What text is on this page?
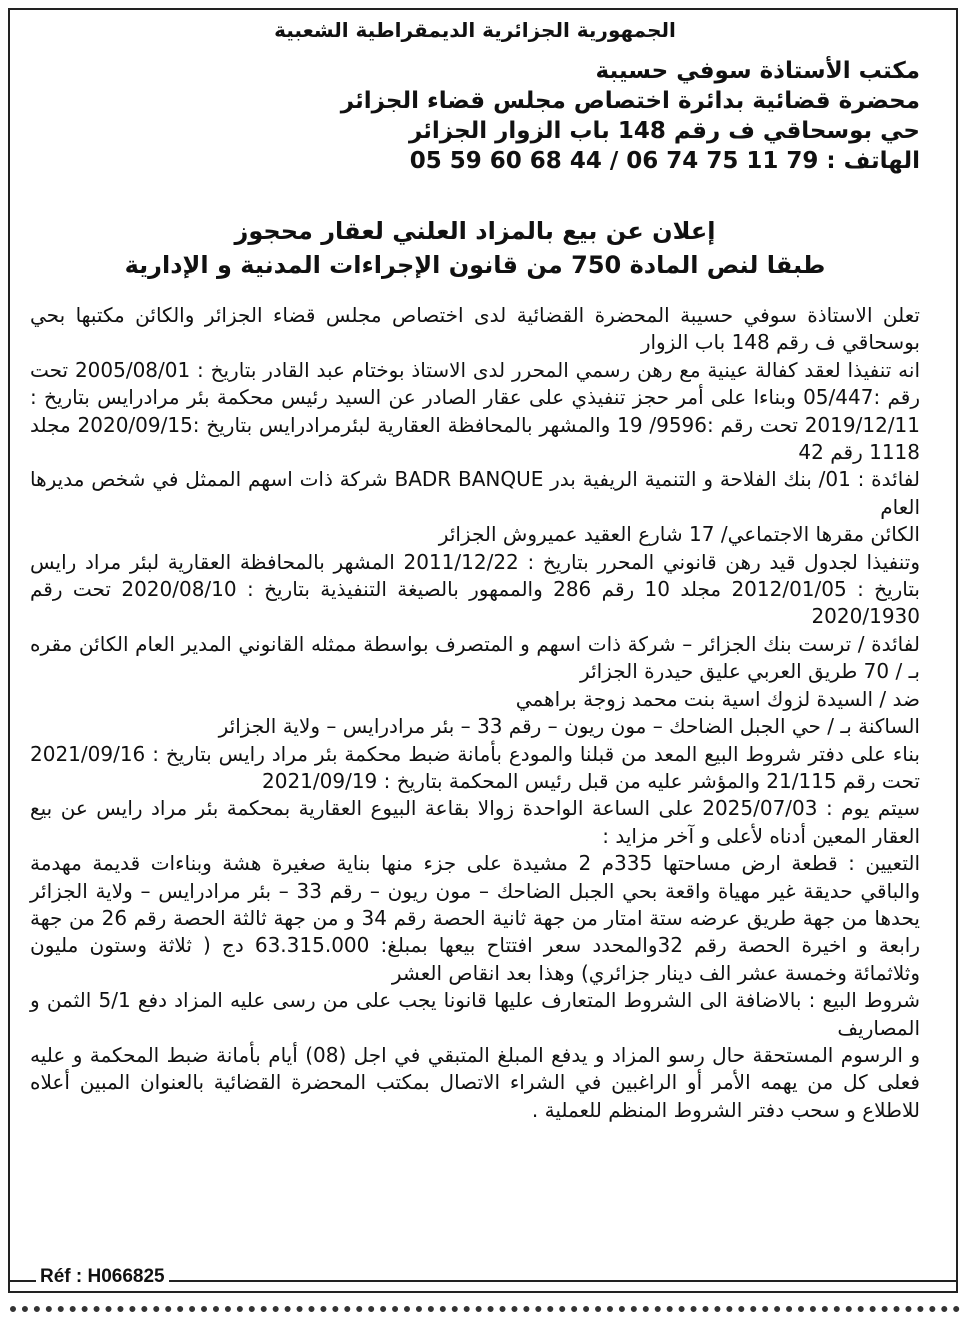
الجمهورية الجزائرية الديمقراطية الشعبية

مكتب الأستاذة سوفي حسيبة

محضرة قضائية بدائرة اختصاص مجلس قضاء الجزائر

حي بوسحاقي ف رقم 148 باب الزوار الجزائر

الهاتف : 79 11 75 74 06 / 44 68 60 59 05

إعلان عن بيع بالمزاد العلني لعقار محجوز
طبقا لنص المادة 750 من قانون الإجراءات المدنية و الإدارية

تعلن الاستاذة سوفي حسيبة المحضرة القضائية لدى اختصاص مجلس قضاء الجزائر والكائن مكتبها بحي بوسحاقي ف رقم 148 باب الزوار

انه تنفيذا لعقد كفالة عينية مع رهن رسمي المحرر لدى الاستاذ بوختام عبد القادر بتاريخ : 2005/08/01 تحت رقم :05/447 وبناءا على أمر حجز تنفيذي على عقار الصادر عن السيد رئيس محكمة بئر مرادرايس بتاريخ : 2019/12/11 تحت رقم :9596/ 19 والمشهر بالمحافظة العقارية لبئرمرادرايس بتاريخ :2020/09/15 مجلد 1118 رقم 42

لفائدة : 01/ بنك الفلاحة و التنمية الريفية بدر BADR BANQUE شركة ذات اسهم الممثل في شخص مديرها العام

الكائن مقرها الاجتماعي/ 17 شارع العقيد عميروش الجزائر

وتنفيذا لجدول قيد رهن قانوني المحرر بتاريخ : 2011/12/22 المشهر بالمحافظة العقارية لبئر مراد رايس بتاريخ : 2012/01/05 مجلد 10 رقم 286 والممهور بالصيغة التنفيذية بتاريخ : 2020/08/10 تحت رقم 2020/1930

لفائدة / ترست بنك الجزائر – شركة ذات اسهم و المتصرف بواسطة ممثله القانوني المدير العام الكائن مقره بـ / 70 طريق العربي عليق حيدرة الجزائر

ضد / السيدة لزوك اسية بنت محمد زوجة براهمي

الساكنة بـ / حي الجبل الضاحك – مون ريون – رقم 33 – بئر مرادرايس – ولاية الجزائر

بناء على دفتر شروط البيع المعد من قبلنا والمودع بأمانة ضبط محكمة بئر مراد رايس بتاريخ : 2021/09/16 تحت رقم 21/115 والمؤشر عليه من قبل رئيس المحكمة بتاريخ : 2021/09/19

سيتم يوم : 2025/07/03 على الساعة الواحدة زوالا بقاعة البيوع العقارية بمحكمة بئر مراد رايس عن بيع العقار المعين أدناه لأعلى و آخر مزايد :

التعيين : قطعة ارض مساحتها 335م 2 مشيدة على جزء منها بناية صغيرة هشة وبناءات قديمة مهدمة والباقي حديقة غير مهياة واقعة بحي الجبل الضاحك – مون ريون – رقم 33 – بئر مرادرايس – ولاية الجزائر يحدها من جهة طريق عرضه ستة امتار من جهة ثانية الحصة رقم 34 و من جهة ثالثة الحصة رقم 26 من جهة رابعة و اخيرة الحصة رقم 32والمحدد سعر افتتاح بيعها بمبلغ: 63.315.000 دج ( ثلاثة وستون مليون وثلاثمائة وخمسة عشر الف دينار جزائري) وهذا بعد انقاص العشر

شروط البيع : بالاضافة الى الشروط المتعارف عليها قانونا يجب على من رسى عليه المزاد دفع 5/1 الثمن و المصاريف

و الرسوم المستحقة حال رسو المزاد و يدفع المبلغ المتبقي في اجل (08) أيام بأمانة ضبط المحكمة و عليه فعلى كل من يهمه الأمر أو الراغبين في الشراء الاتصال بمكتب المحضرة القضائية بالعنوان المبين أعلاه للاطلاع و سحب دفتر الشروط المنظم للعملية .

Réf : H066825
